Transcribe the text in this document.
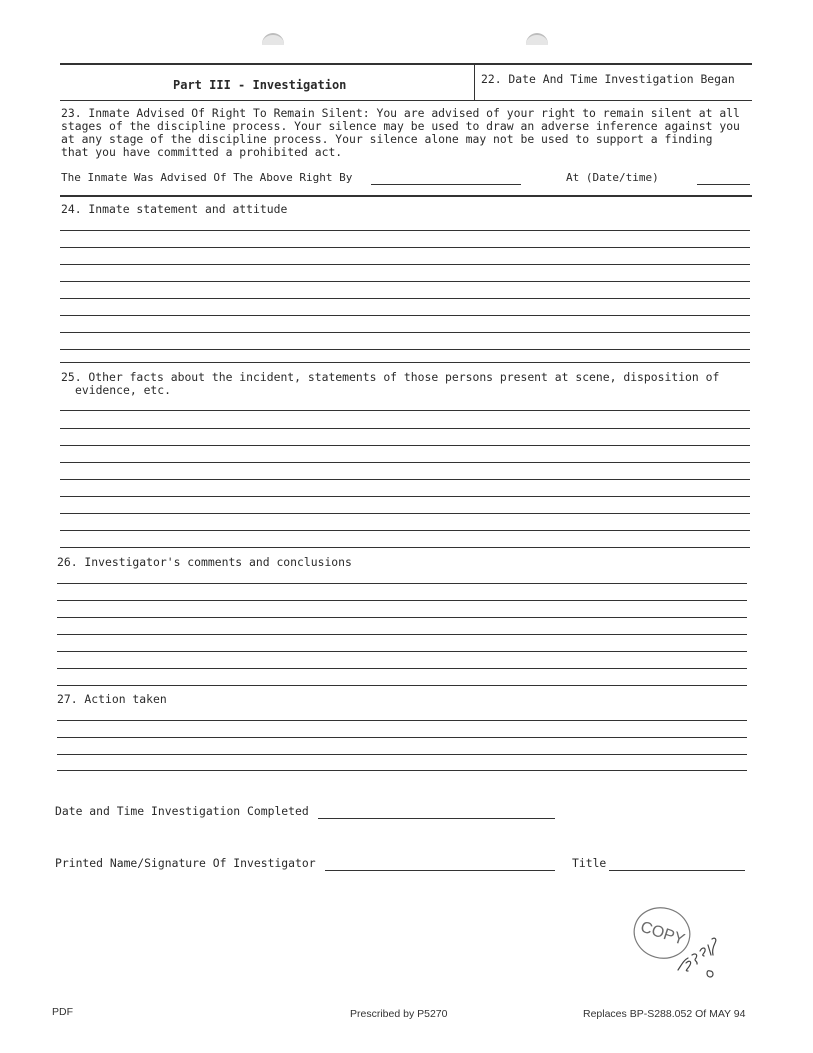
Part III - Investigation	22. Date And Time Investigation Began
23. Inmate Advised Of Right To Remain Silent: You are advised of your right to remain silent at all
stages of the discipline process. Your silence may be used to draw an adverse inference against you
at any stage of the discipline process. Your silence alone may not be used to support a finding
that you have committed a prohibited act.
The Inmate Was Advised Of The Above Right By	At (Date/time)
24. Inmate statement and attitude
25. Other facts about the incident, statements of those persons present at scene, disposition of
evidence, etc.
26. Investigator's comments and conclusions
27. Action taken
Date and Time Investigation Completed
Printed Name/Signature Of Investigator	Title
COPY
PDF	Prescribed by P5270	Replaces BP-S288.052 Of MAY 94
